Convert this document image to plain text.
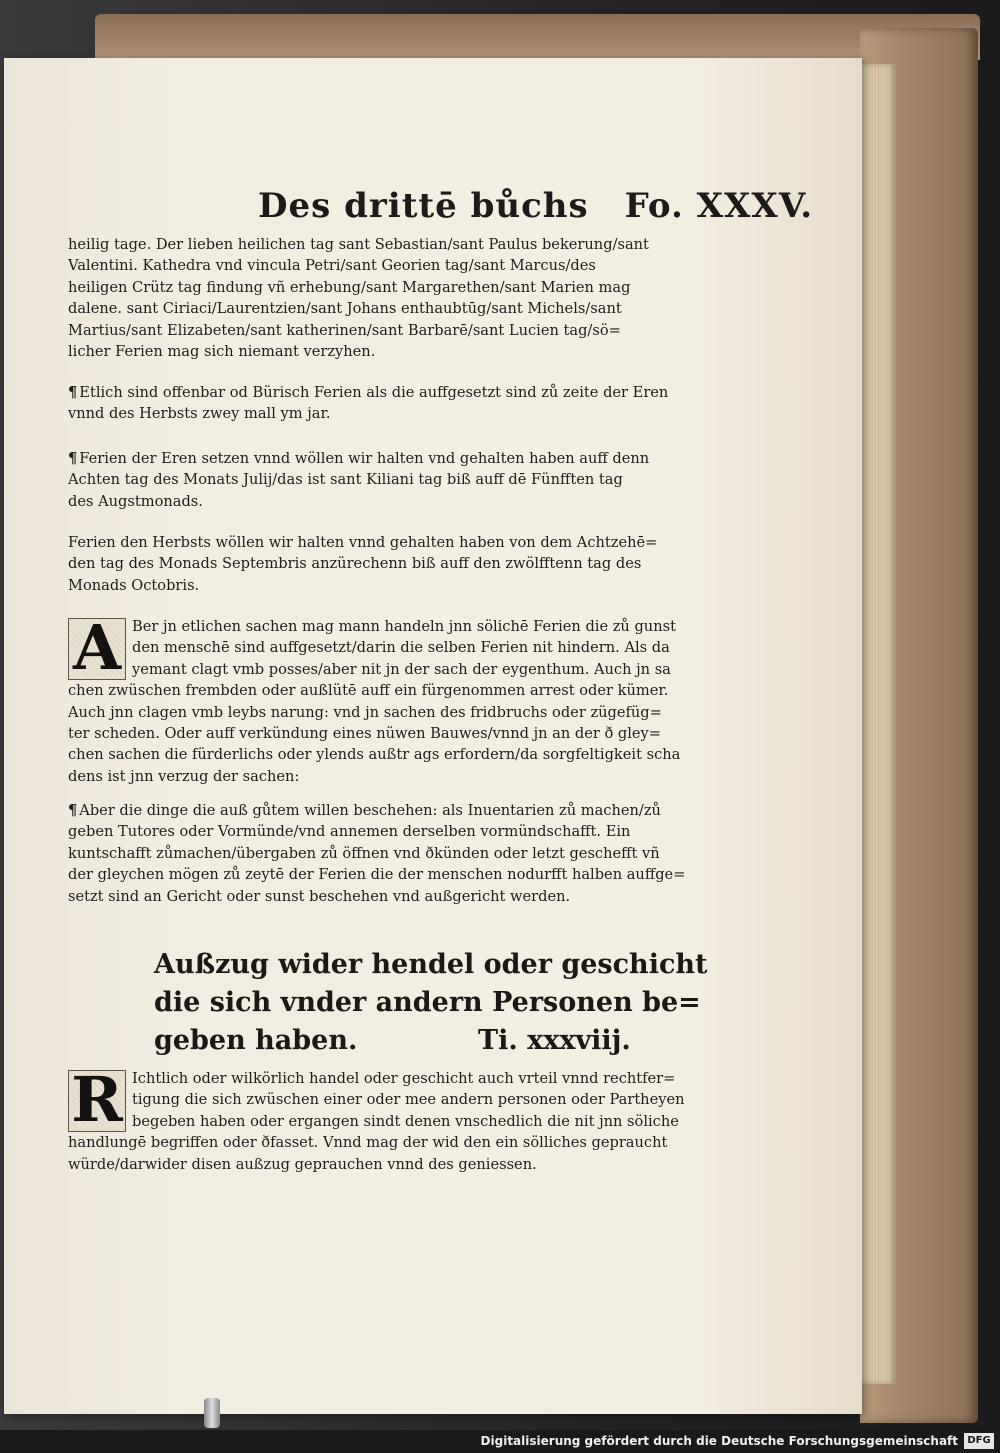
Des drittē bůchs Fo. XXXV.
heilig tage. Der lieben heilichen tag sant Sebastian/sant Paulus bekerung/sant
Valentini. Kathedra vnd vincula Petri/sant Georien tag/sant Marcus/des
heiligen Crütz tag findung vñ erhebung/sant Margarethen/sant Marien mag
dalene. sant Ciriaci/Laurentzien/sant Johans enthaubtūg/sant Michels/sant
Martius/sant Elizabeten/sant katherinen/sant Barbarē/sant Lucien tag/sö=
licher Ferien mag sich niemant verzyhen.
¶ Etlich sind offenbar od Bürisch Ferien als die auffgesetzt sind zů zeite der Eren
vnnd des Herbsts zwey mall ym jar.
¶ Ferien der Eren setzen vnnd wöllen wir halten vnd gehalten haben auff denn
Achten tag des Monats Julij/das ist sant Kiliani tag biß auff dē Fünfften tag
des Augstmonads.
Ferien den Herbsts wöllen wir halten vnnd gehalten haben von dem Achtzehē=
den tag des Monads Septembris anzürechenn biß auff den zwölfftenn tag des
Monads Octobris.
A Ber jn etlichen sachen mag mann handeln jnn sölichē Ferien die zů gunst
den menschē sind auffgesetzt/darin die selben Ferien nit hindern. Als da
yemant clagt vmb posses/aber nit jn der sach der eygenthum. Auch jn sa
chen zwüschen frembden oder außlütē auff ein fürgenommen arrest oder kümer.
Auch jnn clagen vmb leybs narung: vnd jn sachen des fridbruchs oder zügefüg=
ter scheden. Oder auff verkündung eines nüwen Bauwes/vnnd jn an der ð gley=
chen sachen die fürderlichs oder ylends außtr ags erfordern/da sorgfeltigkeit scha
dens ist jnn verzug der sachen:
¶ Aber die dinge die auß gůtem willen beschehen: als Inuentarien zů machen/zů
geben Tutores oder Vormünde/vnd annemen derselben vormündschafft. Ein
kuntschafft zůmachen/übergaben zů öffnen vnd ðkünden oder letzt geschefft vñ
der gleychen mögen zů zeytē der Ferien die der menschen nodurfft halben auffge=
setzt sind an Gericht oder sunst beschehen vnd außgericht werden.
Außzug wider hendel oder geschicht
die sich vnder andern Personen be=
geben haben.	Ti. xxxviij.
R Ichtlich oder wilkörlich handel oder geschicht auch vrteil vnnd rechtfer=
tigung die sich zwüschen einer oder mee andern personen oder Partheyen
begeben haben oder ergangen sindt denen vnschedlich die nit jnn söliche
handlungē begriffen oder ðfasset. Vnnd mag der wid den ein sölliches gepraucht
würde/darwider disen außzug geprauchen vnnd des geniessen.
Digitalisierung gefördert durch die Deutsche Forschungsgemeinschaft DFG
